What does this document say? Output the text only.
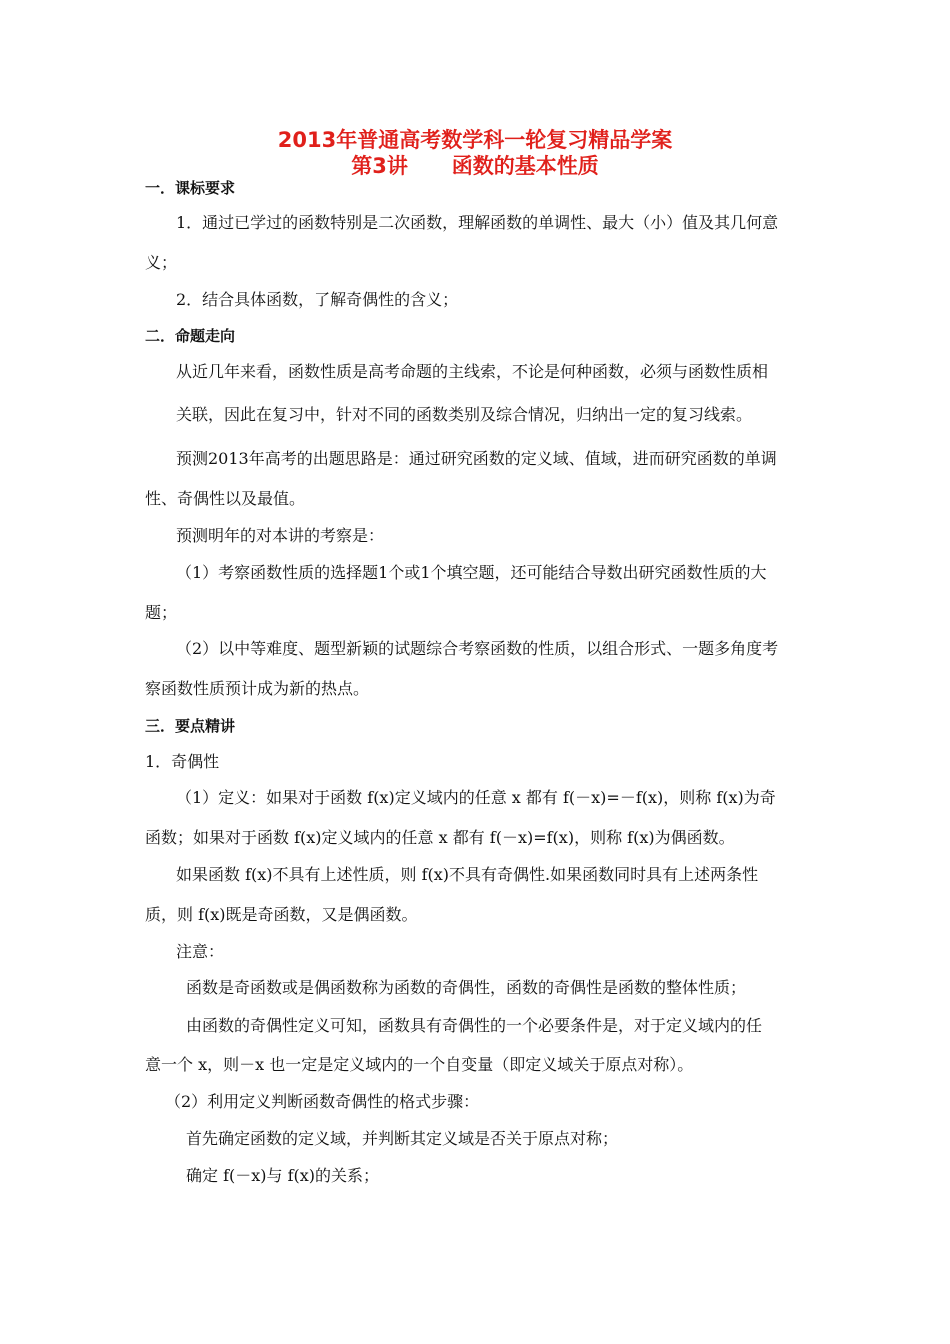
2013年普通高考数学科一轮复习精品学案
第3讲      函数的基本性质
一．课标要求
1．通过已学过的函数特别是二次函数，理解函数的单调性、最大（小）值及其几何意
义；
2．结合具体函数，了解奇偶性的含义；
二．命题走向
从近几年来看，函数性质是高考命题的主线索，不论是何种函数，必须与函数性质相
关联，因此在复习中，针对不同的函数类别及综合情况，归纳出一定的复习线索。
预测2013年高考的出题思路是：通过研究函数的定义域、值域，进而研究函数的单调
性、奇偶性以及最值。
预测明年的对本讲的考察是：
（1）考察函数性质的选择题1个或1个填空题，还可能结合导数出研究函数性质的大
题；
（2）以中等难度、题型新颖的试题综合考察函数的性质，以组合形式、一题多角度考
察函数性质预计成为新的热点。
三．要点精讲
1．奇偶性
（1）定义：如果对于函数 f(x)定义域内的任意 x 都有 f(－x)=－f(x)，则称 f(x)为奇
函数；如果对于函数 f(x)定义域内的任意 x 都有 f(－x)=f(x)，则称 f(x)为偶函数。
如果函数 f(x)不具有上述性质，则 f(x)不具有奇偶性.如果函数同时具有上述两条性
质，则 f(x)既是奇函数，又是偶函数。
注意：
函数是奇函数或是偶函数称为函数的奇偶性，函数的奇偶性是函数的整体性质；
由函数的奇偶性定义可知，函数具有奇偶性的一个必要条件是，对于定义域内的任
意一个 x，则－x 也一定是定义域内的一个自变量（即定义域关于原点对称）。
（2）利用定义判断函数奇偶性的格式步骤：
首先确定函数的定义域，并判断其定义域是否关于原点对称；
确定 f(－x)与 f(x)的关系；
